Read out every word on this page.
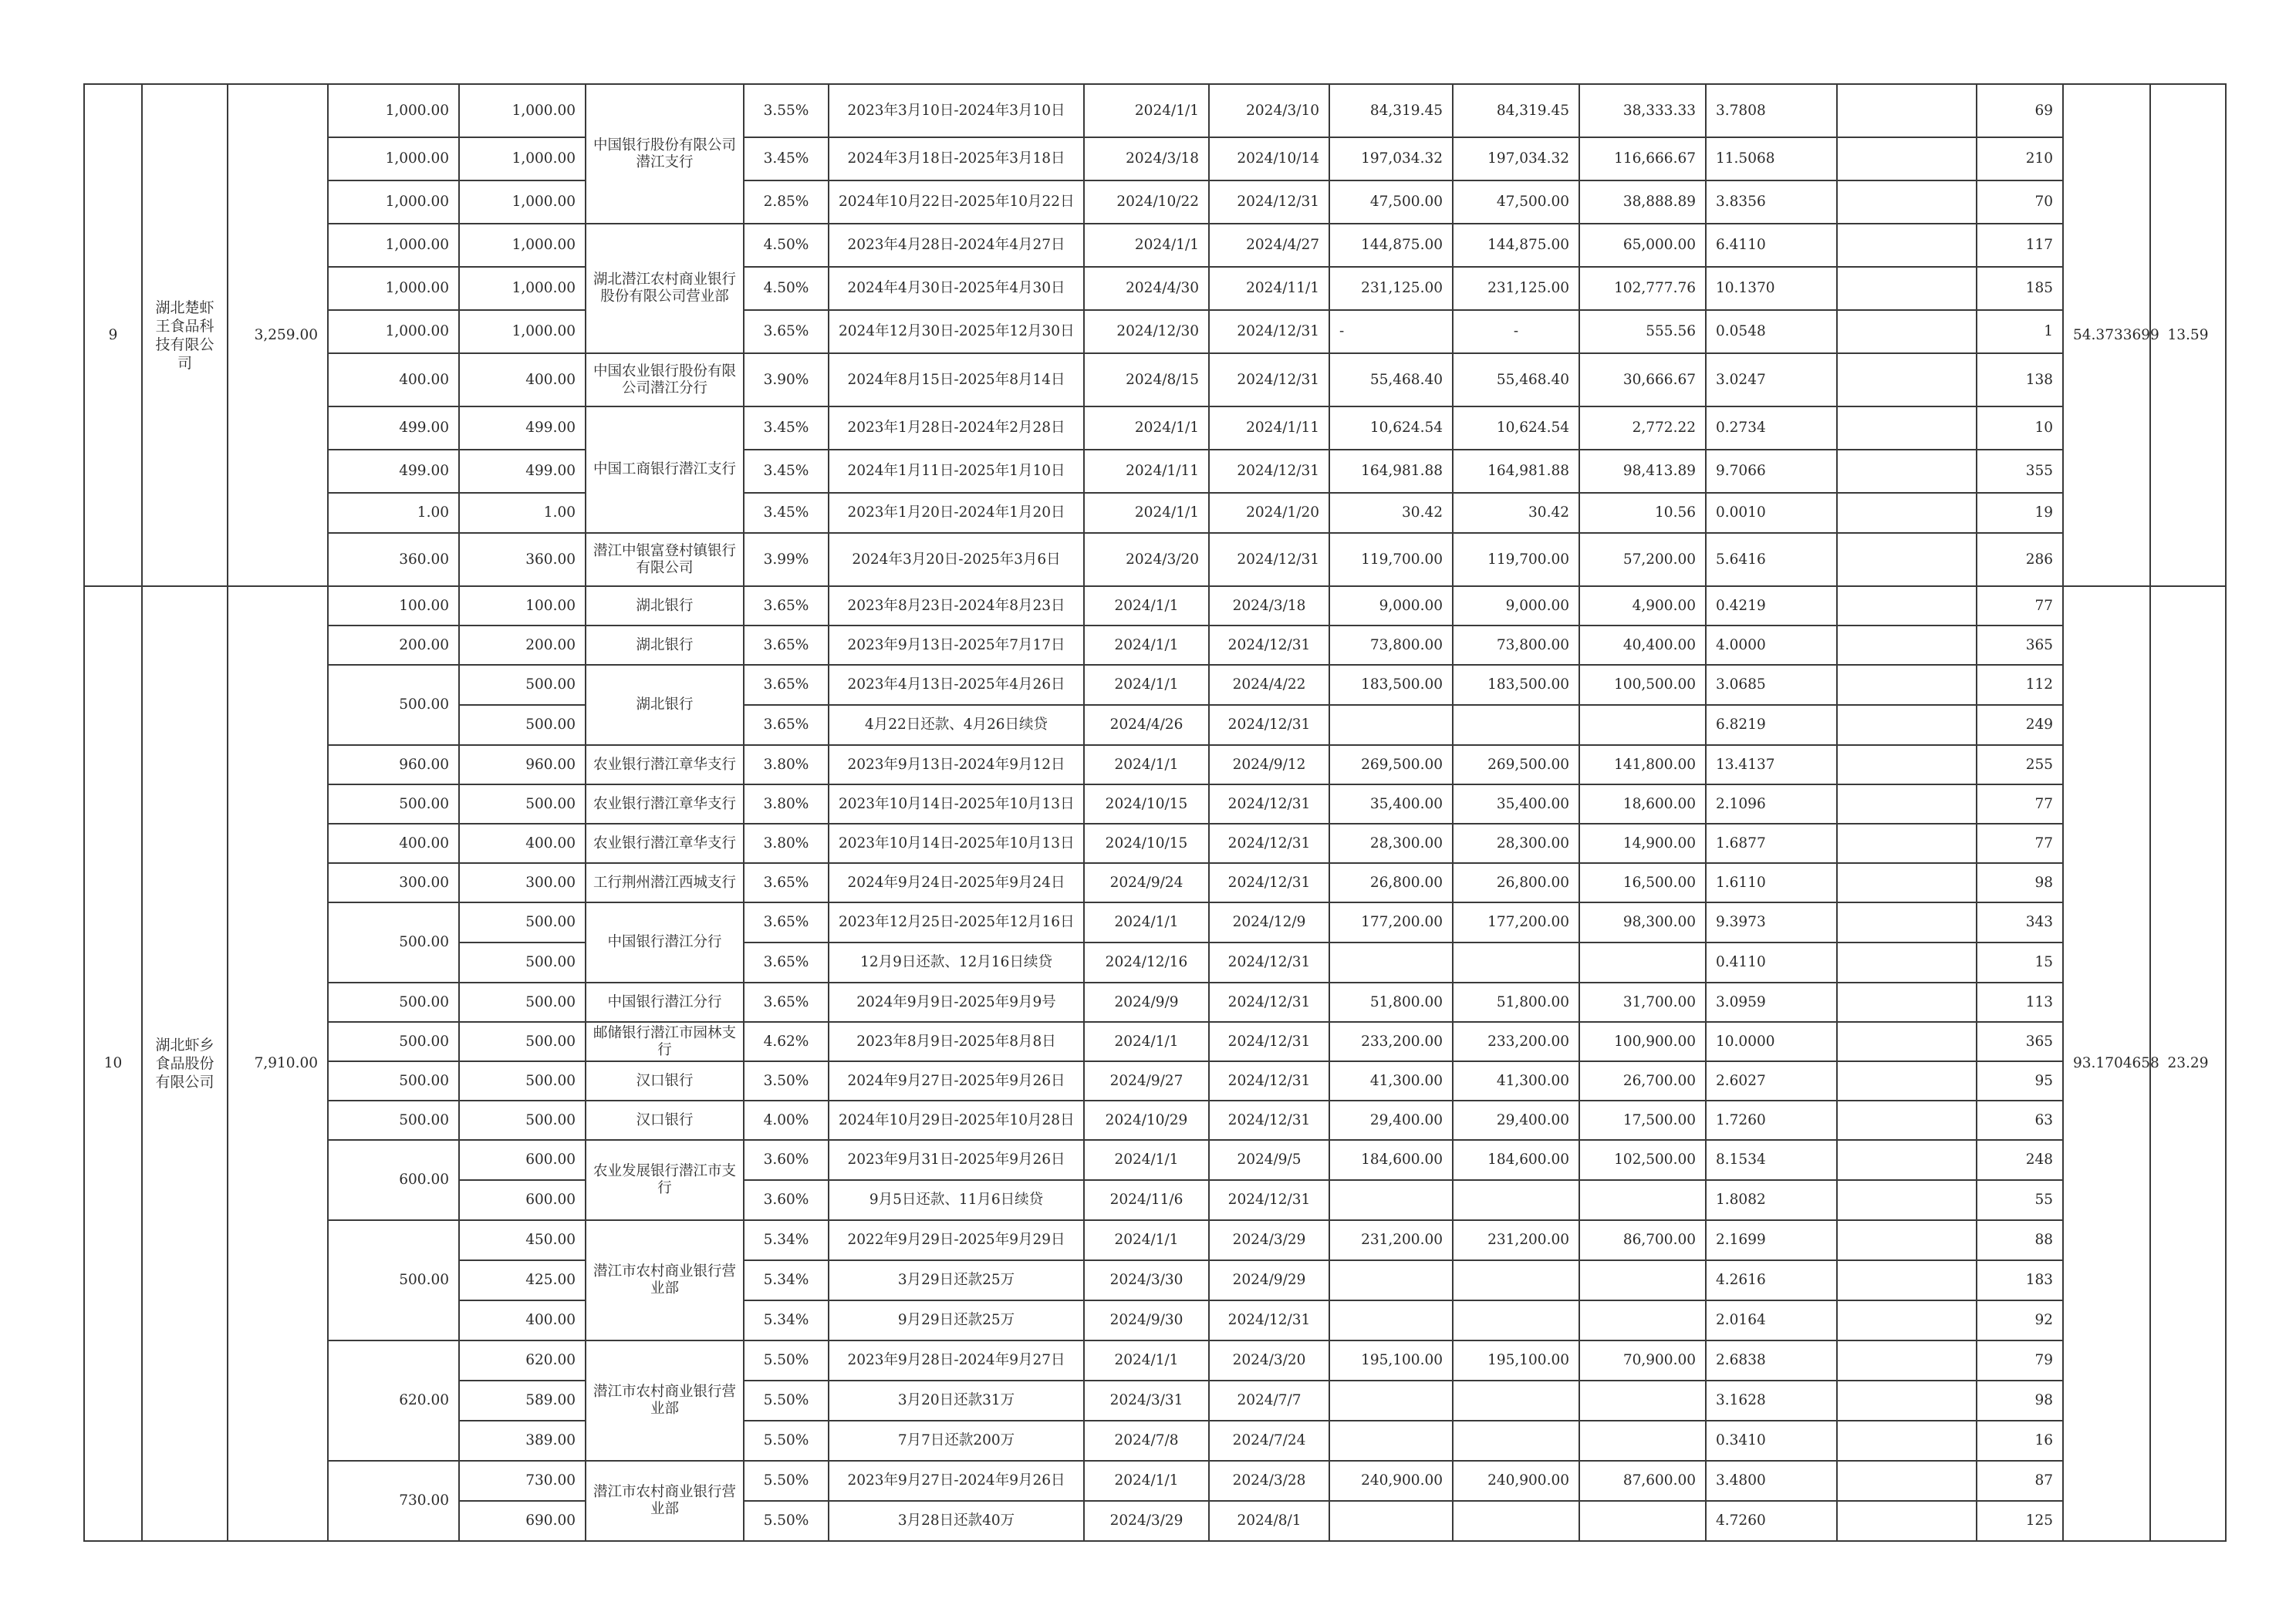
9	湖北楚虾王食品科技有限公司	3,259.00	1,000.00	1,000.00	中国银行股份有限公司潜江支行	3.55%	2023年3月10日-2024年3月10日	2024/1/1	2024/3/10	84,319.45	84,319.45	38,333.33	3.7808		69	54.3733699	13.59
			1,000.00	1,000.00		3.45%	2024年3月18日-2025年3月18日	2024/3/18	2024/10/14	197,034.32	197,034.32	116,666.67	11.5068		210		
			1,000.00	1,000.00		2.85%	2024年10月22日-2025年10月22日	2024/10/22	2024/12/31	47,500.00	47,500.00	38,888.89	3.8356		70		
			1,000.00	1,000.00	湖北潜江农村商业银行股份有限公司营业部	4.50%	2023年4月28日-2024年4月27日	2024/1/1	2024/4/27	144,875.00	144,875.00	65,000.00	6.4110		117		
			1,000.00	1,000.00		4.50%	2024年4月30日-2025年4月30日	2024/4/30	2024/11/1	231,125.00	231,125.00	102,777.76	10.1370		185		
			1,000.00	1,000.00		3.65%	2024年12月30日-2025年12月30日	2024/12/30	2024/12/31	-	-	555.56	0.0548		1		
			400.00	400.00	中国农业银行股份有限公司潜江分行	3.90%	2024年8月15日-2025年8月14日	2024/8/15	2024/12/31	55,468.40	55,468.40	30,666.67	3.0247		138		
			499.00	499.00	中国工商银行潜江支行	3.45%	2023年1月28日-2024年2月28日	2024/1/1	2024/1/11	10,624.54	10,624.54	2,772.22	0.2734		10		
			499.00	499.00		3.45%	2024年1月11日-2025年1月10日	2024/1/11	2024/12/31	164,981.88	164,981.88	98,413.89	9.7066		355		
			1.00	1.00		3.45%	2023年1月20日-2024年1月20日	2024/1/1	2024/1/20	30.42	30.42	10.56	0.0010		19		
			360.00	360.00	潜江中银富登村镇银行有限公司	3.99%	2024年3月20日-2025年3月6日	2024/3/20	2024/12/31	119,700.00	119,700.00	57,200.00	5.6416		286		
10	湖北虾乡食品股份有限公司	7,910.00	100.00	100.00	湖北银行	3.65%	2023年8月23日-2024年8月23日	2024/1/1	2024/3/18	9,000.00	9,000.00	4,900.00	0.4219		77	93.1704658	23.29
			200.00	200.00	湖北银行	3.65%	2023年9月13日-2025年7月17日	2024/1/1	2024/12/31	73,800.00	73,800.00	40,400.00	4.0000		365		
			500.00	500.00	湖北银行	3.65%	2023年4月13日-2025年4月26日	2024/1/1	2024/4/22	183,500.00	183,500.00	100,500.00	3.0685		112		
				500.00		3.65%	4月22日还款、4月26日续贷	2024/4/26	2024/12/31				6.8219		249		
			960.00	960.00	农业银行潜江章华支行	3.80%	2023年9月13日-2024年9月12日	2024/1/1	2024/9/12	269,500.00	269,500.00	141,800.00	13.4137		255		
			500.00	500.00	农业银行潜江章华支行	3.80%	2023年10月14日-2025年10月13日	2024/10/15	2024/12/31	35,400.00	35,400.00	18,600.00	2.1096		77		
			400.00	400.00	农业银行潜江章华支行	3.80%	2023年10月14日-2025年10月13日	2024/10/15	2024/12/31	28,300.00	28,300.00	14,900.00	1.6877		77		
			300.00	300.00	工行荆州潜江西城支行	3.65%	2024年9月24日-2025年9月24日	2024/9/24	2024/12/31	26,800.00	26,800.00	16,500.00	1.6110		98		
			500.00	500.00	中国银行潜江分行	3.65%	2023年12月25日-2025年12月16日	2024/1/1	2024/12/9	177,200.00	177,200.00	98,300.00	9.3973		343		
				500.00		3.65%	12月9日还款、12月16日续贷	2024/12/16	2024/12/31				0.4110		15		
			500.00	500.00	中国银行潜江分行	3.65%	2024年9月9日-2025年9月9号	2024/9/9	2024/12/31	51,800.00	51,800.00	31,700.00	3.0959		113		
			500.00	500.00	邮储银行潜江市园林支行	4.62%	2023年8月9日-2025年8月8日	2024/1/1	2024/12/31	233,200.00	233,200.00	100,900.00	10.0000		365		
			500.00	500.00	汉口银行	3.50%	2024年9月27日-2025年9月26日	2024/9/27	2024/12/31	41,300.00	41,300.00	26,700.00	2.6027		95		
			500.00	500.00	汉口银行	4.00%	2024年10月29日-2025年10月28日	2024/10/29	2024/12/31	29,400.00	29,400.00	17,500.00	1.7260		63		
			600.00	600.00	农业发展银行潜江市支行	3.60%	2023年9月31日-2025年9月26日	2024/1/1	2024/9/5	184,600.00	184,600.00	102,500.00	8.1534		248		
				600.00		3.60%	9月5日还款、11月6日续贷	2024/11/6	2024/12/31				1.8082		55		
			500.00	450.00	潜江市农村商业银行营业部	5.34%	2022年9月29日-2025年9月29日	2024/1/1	2024/3/29	231,200.00	231,200.00	86,700.00	2.1699		88		
				425.00		5.34%	3月29日还款25万	2024/3/30	2024/9/29				4.2616		183		
				400.00		5.34%	9月29日还款25万	2024/9/30	2024/12/31				2.0164		92		
			620.00	620.00	潜江市农村商业银行营业部	5.50%	2023年9月28日-2024年9月27日	2024/1/1	2024/3/20	195,100.00	195,100.00	70,900.00	2.6838		79		
				589.00		5.50%	3月20日还款31万	2024/3/31	2024/7/7				3.1628		98		
				389.00		5.50%	7月7日还款200万	2024/7/8	2024/7/24				0.3410		16		
			730.00	730.00	潜江市农村商业银行营业部	5.50%	2023年9月27日-2024年9月26日	2024/1/1	2024/3/28	240,900.00	240,900.00	87,600.00	3.4800		87		
				690.00		5.50%	3月28日还款40万	2024/3/29	2024/8/1				4.7260		125		
